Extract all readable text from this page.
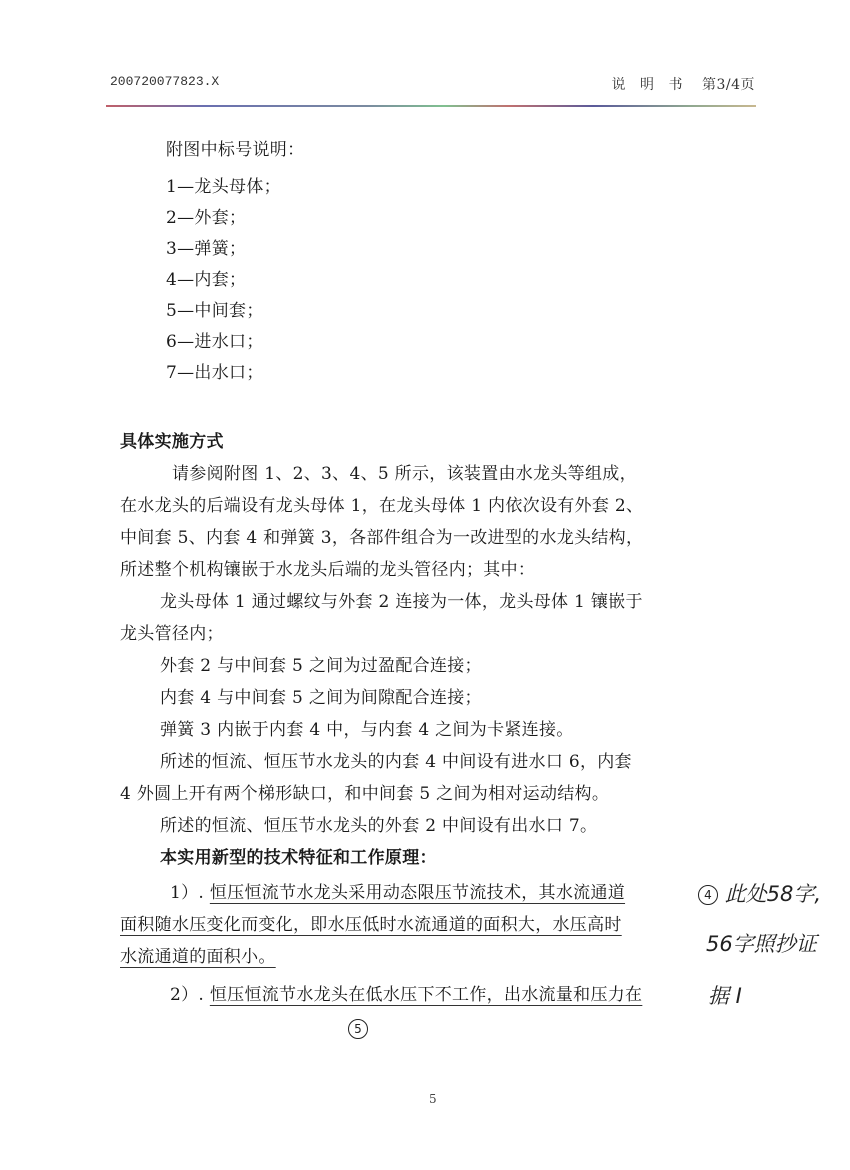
200720077823.X	说 明 书 第3/4页
附图中标号说明：
1—龙头母体；
2—外套；
3—弹簧；
4—内套；
5—中间套；
6—进水口；
7—出水口；
具体实施方式
请参阅附图 1、2、3、4、5 所示，该装置由水龙头等组成，
在水龙头的后端设有龙头母体 1，在龙头母体 1 内依次设有外套 2、
中间套 5、内套 4 和弹簧 3，各部件组合为一改进型的水龙头结构，
所述整个机构镶嵌于水龙头后端的龙头管径内；其中：
龙头母体 1 通过螺纹与外套 2 连接为一体，龙头母体 1 镶嵌于
龙头管径内；
外套 2 与中间套 5 之间为过盈配合连接；
内套 4 与中间套 5 之间为间隙配合连接；
弹簧 3 内嵌于内套 4 中，与内套 4 之间为卡紧连接。
所述的恒流、恒压节水龙头的内套 4 中间设有进水口 6，内套
4 外圆上开有两个梯形缺口，和中间套 5 之间为相对运动结构。
所述的恒流、恒压节水龙头的外套 2 中间设有出水口 7。
本实用新型的技术特征和工作原理：
1）. 恒压恒流节水龙头采用动态限压节流技术，其水流通道
面积随水压变化而变化，即水压低时水流通道的面积大，水压高时
水流通道的面积小。
2）. 恒压恒流节水龙头在低水压下不工作，出水流量和压力在
4 此处58字,
56字照抄证
据 I
5
5
